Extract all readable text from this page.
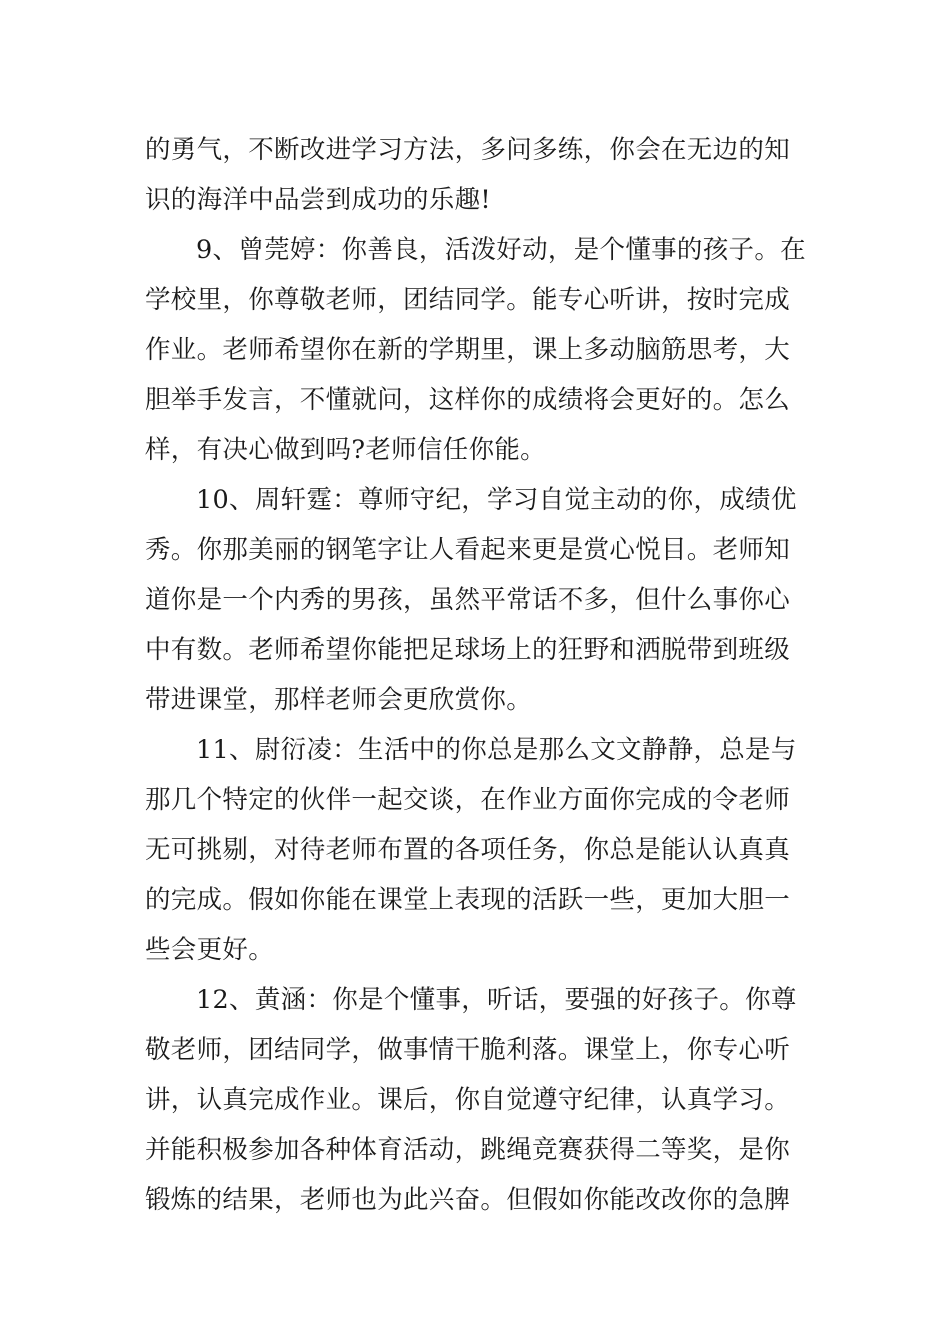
的勇气，不断改进学习方法，多问多练，你会在无边的知
识的海洋中品尝到成功的乐趣!
9、曾莞婷：你善良，活泼好动，是个懂事的孩子。在
学校里，你尊敬老师，团结同学。能专心听讲，按时完成
作业。老师希望你在新的学期里，课上多动脑筋思考，大
胆举手发言，不懂就问，这样你的成绩将会更好的。怎么
样，有决心做到吗?老师信任你能。
10、周轩霆：尊师守纪，学习自觉主动的你，成绩优
秀。你那美丽的钢笔字让人看起来更是赏心悦目。老师知
道你是一个内秀的男孩，虽然平常话不多，但什么事你心
中有数。老师希望你能把足球场上的狂野和洒脱带到班级
带进课堂，那样老师会更欣赏你。
11、尉衍凌：生活中的你总是那么文文静静，总是与
那几个特定的伙伴一起交谈，在作业方面你完成的令老师
无可挑剔，对待老师布置的各项任务，你总是能认认真真
的完成。假如你能在课堂上表现的活跃一些，更加大胆一
些会更好。
12、黄涵：你是个懂事，听话，要强的好孩子。你尊
敬老师，团结同学，做事情干脆利落。课堂上，你专心听
讲，认真完成作业。课后，你自觉遵守纪律，认真学习。
并能积极参加各种体育活动，跳绳竞赛获得二等奖，是你
锻炼的结果，老师也为此兴奋。但假如你能改改你的急脾
